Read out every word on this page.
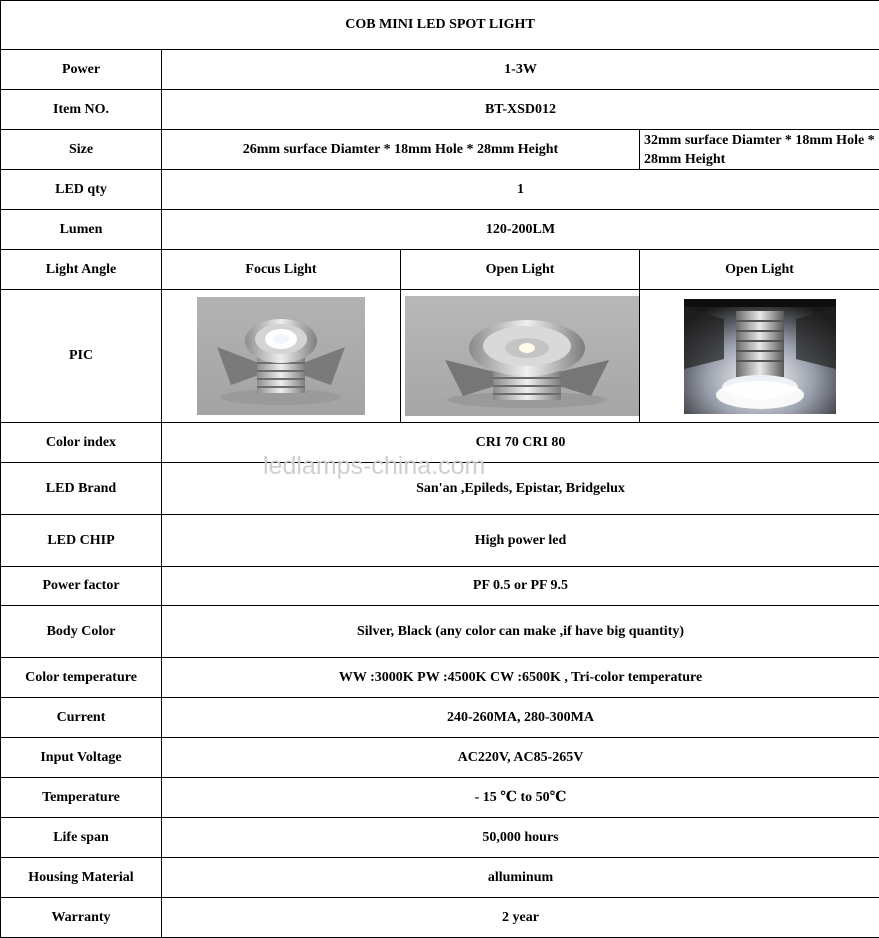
COB MINI LED SPOT LIGHT			
Power	1-3W		
Item NO.	BT-XSD012		
Size	26mm surface Diamter * 18mm Hole * 28mm Height		32mm surface Diamter * 18mm Hole * 28mm Height
LED qty	1		
Lumen	120-200LM		
Light Angle	Focus Light	Open Light	Open Light
PIC	

Color index	CRI 70 CRI 80		
LED Brand	San'an ,Epileds, Epistar, Bridgelux		
LED CHIP	High power led		
Power factor	PF 0.5 or PF 9.5		
Body Color	Silver, Black (any color can make ,if have big quantity)		
Color temperature	WW :3000K PW :4500K CW :6500K , Tri-color temperature		
Current	240-260MA, 280-300MA		
Input Voltage	AC220V, AC85-265V		
Temperature	- 15 ℃ to 50℃		
Life span	50,000 hours		
Housing Material	alluminum		
Warranty	2 year		
ledlamps-china.com
